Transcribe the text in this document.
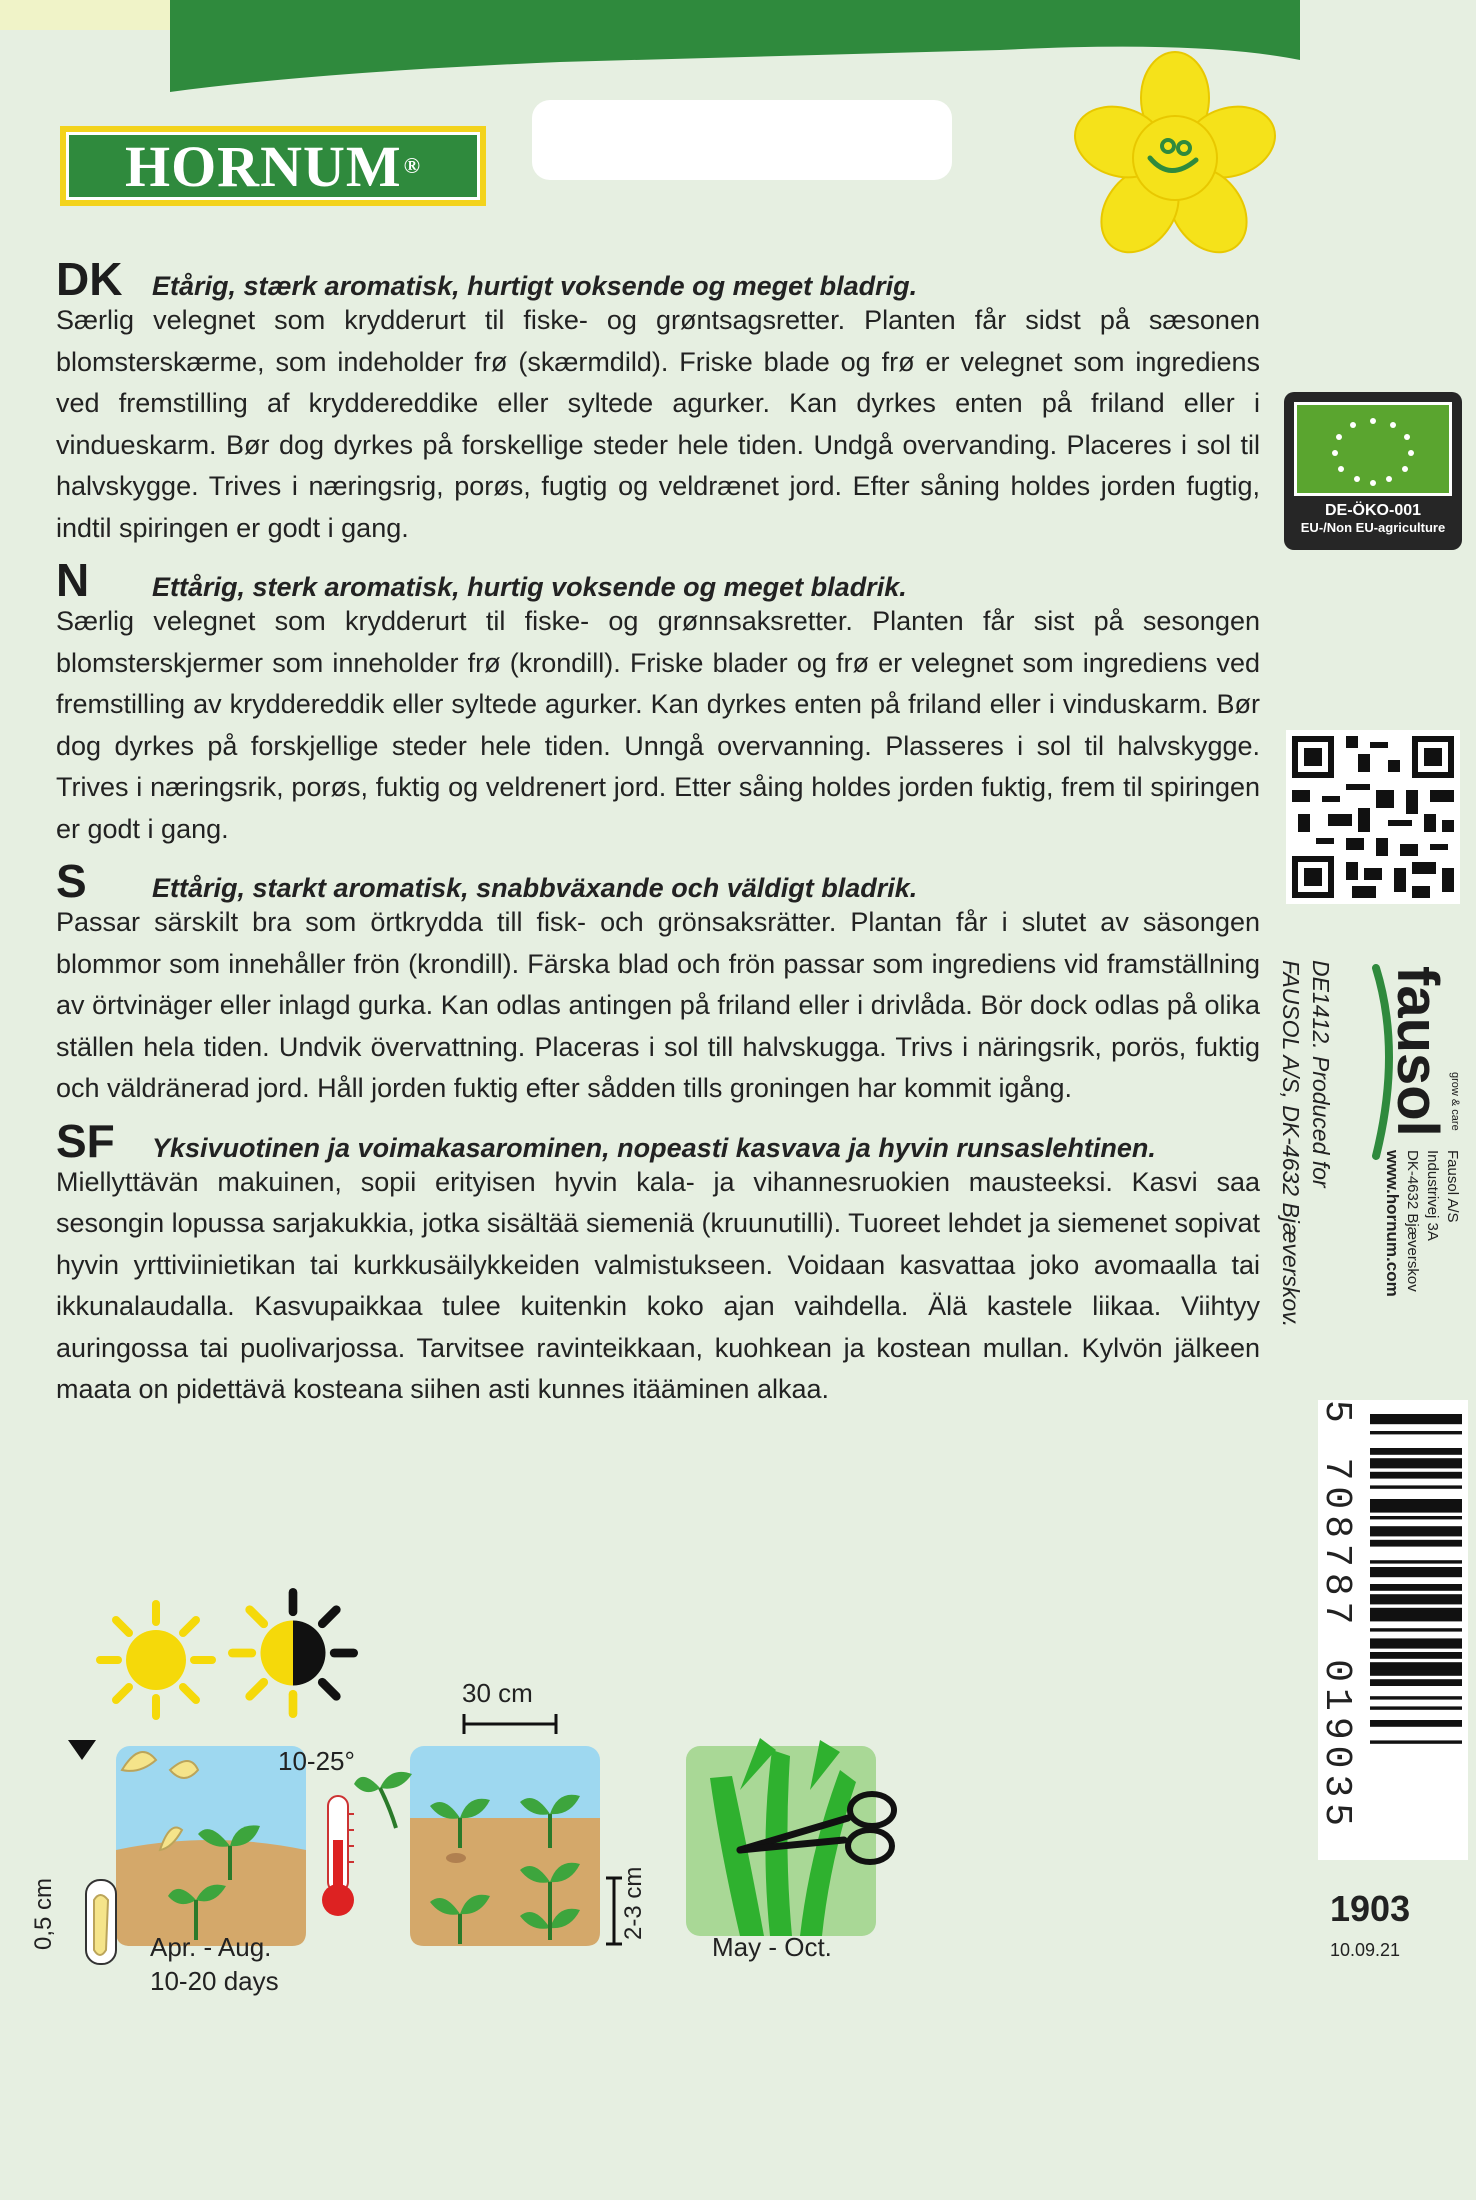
HORNUM ®
DK	Etårig, stærk aromatisk, hurtigt voksende og meget bladrig.
Særlig velegnet som krydderurt til fiske- og grøntsagsretter. Planten får sidst på sæsonen blomsterskærme, som indeholder frø (skærmdild). Friske blade og frø er velegnet som ingrediens ved fremstilling af kryddereddike eller syltede agurker. Kan dyrkes enten på friland eller i vindueskarm. Bør dog dyrkes på forskellige steder hele tiden. Undgå overvanding. Placeres i sol til halvskygge. Trives i næringsrig, porøs, fugtig og veldrænet jord. Efter såning holdes jorden fugtig, indtil spiringen er godt i gang.
N	Ettårig, sterk aromatisk, hurtig voksende og meget bladrik.
Særlig velegnet som krydderurt til fiske- og grønnsaksretter. Planten får sist på sesongen blomsterskjermer som inneholder frø (krondill). Friske blader og frø er velegnet som ingrediens ved fremstilling av kryddereddik eller syltede agurker. Kan dyrkes enten på friland eller i vinduskarm. Bør dog dyrkes på forskjellige steder hele tiden. Unngå overvanning. Plasseres i sol til halvskygge. Trives i næringsrik, porøs, fuktig og veldrenert jord. Etter såing holdes jorden fuktig, frem til spiringen er godt i gang.
S	Ettårig, starkt aromatisk, snabbväxande och väldigt bladrik.
Passar särskilt bra som örtkrydda till fisk- och grönsaksrätter. Plantan får i slutet av säsongen blommor som innehåller frön (krondill). Färska blad och frön passar som ingrediens vid framställning av örtvinäger eller inlagd gurka. Kan odlas antingen på friland eller i drivlåda. Bör dock odlas på olika ställen hela tiden. Undvik övervattning. Placeras i sol till halvskugga. Trivs i näringsrik, porös, fuktig och väldränerad jord. Håll jorden fuktig efter sådden tills groningen har kommit igång.
SF	Yksivuotinen ja voimakasarominen, nopeasti kasvava ja hyvin runsaslehtinen.
Miellyttävän makuinen, sopii erityisen hyvin kala- ja vihannesruokien mausteeksi. Kasvi saa sesongin lopussa sarjakukkia, jotka sisältää siemeniä (kruunutilli). Tuoreet lehdet ja siemenet sopivat hyvin yrttiviinietikan tai kurkkusäilykkeiden valmistukseen. Voidaan kasvattaa joko avomaalla tai ikkunalaudalla. Kasvupaikkaa tulee kuitenkin koko ajan vaihdella. Älä kastele liikaa. Viihtyy auringossa tai puolivarjossa. Tarvitsee ravinteikkaan, kuohkean ja kostean mullan. Kylvön jälkeen maata on pidettävä kosteana siihen asti kunnes itääminen alkaa.
DE-ÖKO-001
EU-/Non EU-agriculture
DE1412. Produced for
FAUSOL A/S, DK-4632 Bjæverskov. fausol grow & care
Fausol A/S
Industrivej 3A
DK-4632 Bjæverskov
www.hornum.com
5 708787 019035
1903
10.09.21
0,5 cm
10-25°
Apr. - Aug.
10-20 days
30 cm
2-3 cm
May - Oct.
